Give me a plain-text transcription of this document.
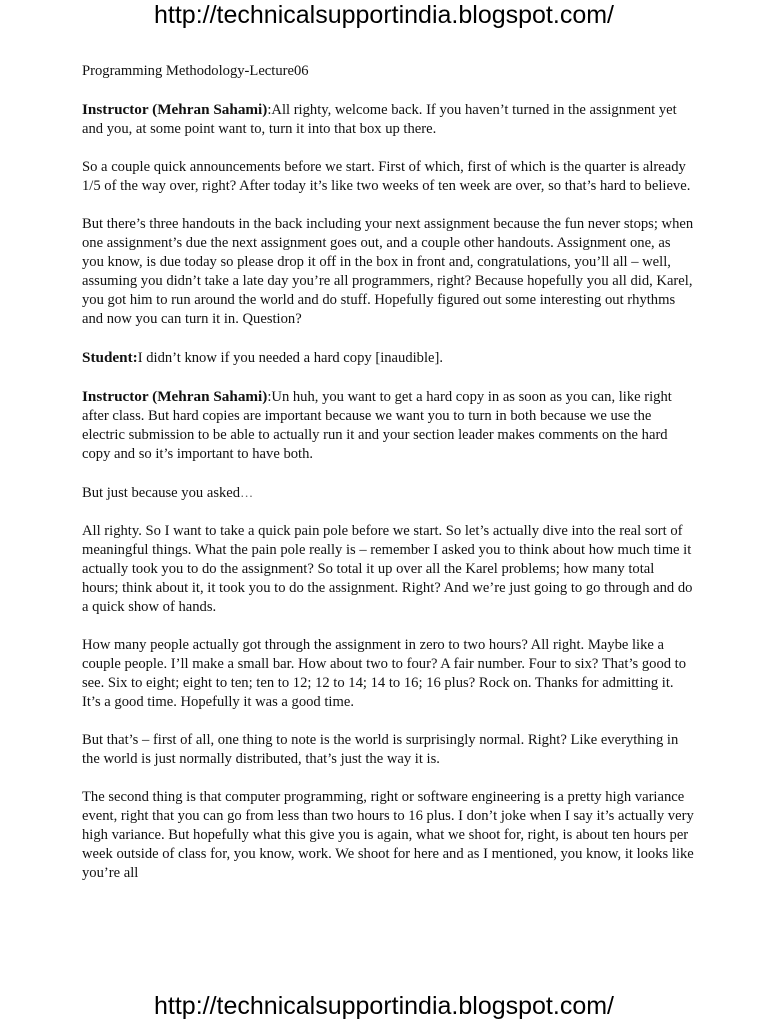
http://technicalsupportindia.blogspot.com/
Programming Methodology-Lecture06

Instructor (Mehran Sahami):All righty, welcome back. If you haven’t turned in the assignment yet and you, at some point want to, turn it into that box up there.

So a couple quick announcements before we start. First of which, first of which is the quarter is already 1/5 of the way over, right? After today it’s like two weeks of ten week are over, so that’s hard to believe.

But there’s three handouts in the back including your next assignment because the fun never stops; when one assignment’s due the next assignment goes out, and a couple other handouts. Assignment one, as you know, is due today so please drop it off in the box in front and, congratulations, you’ll all – well, assuming you didn’t take a late day you’re all programmers, right? Because hopefully you all did, Karel, you got him to run around the world and do stuff. Hopefully figured out some interesting out rhythms and now you can turn it in. Question?

Student:I didn’t know if you needed a hard copy [inaudible].

Instructor (Mehran Sahami):Un huh, you want to get a hard copy in as soon as you can, like right after class. But hard copies are important because we want you to turn in both because we use the electric submission to be able to actually run it and your section leader makes comments on the hard copy and so it’s important to have both.

But just because you asked…

All righty. So I want to take a quick pain pole before we start. So let’s actually dive into the real sort of meaningful things. What the pain pole really is – remember I asked you to think about how much time it actually took you to do the assignment? So total it up over all the Karel problems; how many total hours; think about it, it took you to do the assignment. Right? And we’re just going to go through and do a quick show of hands.

How many people actually got through the assignment in zero to two hours? All right. Maybe like a couple people. I’ll make a small bar. How about two to four? A fair number. Four to six? That’s good to see. Six to eight; eight to ten; ten to 12; 12 to 14; 14 to 16; 16 plus? Rock on. Thanks for admitting it. It’s a good time. Hopefully it was a good time.

But that’s – first of all, one thing to note is the world is surprisingly normal. Right? Like everything in the world is just normally distributed, that’s just the way it is.

The second thing is that computer programming, right or software engineering is a pretty high variance event, right that you can go from less than two hours to 16 plus. I don’t joke when I say it’s actually very high variance. But hopefully what this give you is again, what we shoot for, right, is about ten hours per week outside of class for, you know, work. We shoot for here and as I mentioned, you know, it looks like you’re all

http://technicalsupportindia.blogspot.com/
